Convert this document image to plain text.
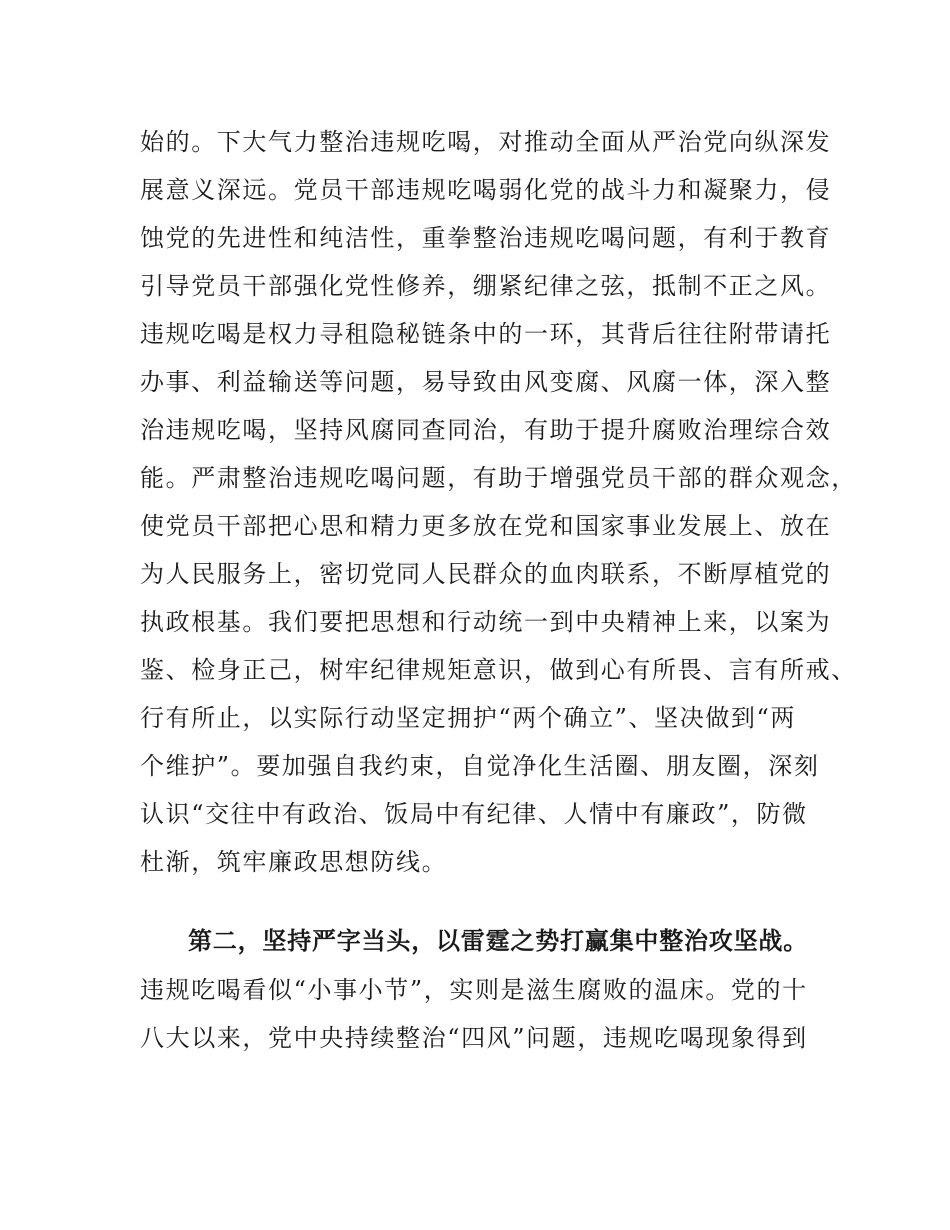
始的。下大气力整治违规吃喝，对推动全面从严治党向纵深发

展意义深远。党员干部违规吃喝弱化党的战斗力和凝聚力，侵

蚀党的先进性和纯洁性，重拳整治违规吃喝问题，有利于教育

引导党员干部强化党性修养，绷紧纪律之弦，抵制不正之风。

违规吃喝是权力寻租隐秘链条中的一环，其背后往往附带请托

办事、利益输送等问题，易导致由风变腐、风腐一体，深入整

治违规吃喝，坚持风腐同查同治，有助于提升腐败治理综合效

能。严肃整治违规吃喝问题，有助于增强党员干部的群众观念，

使党员干部把心思和精力更多放在党和国家事业发展上、放在

为人民服务上，密切党同人民群众的血肉联系，不断厚植党的

执政根基。我们要把思想和行动统一到中央精神上来，以案为

鉴、检身正己，树牢纪律规矩意识，做到心有所畏、言有所戒、

行有所止，以实际行动坚定拥护“两个确立”、坚决做到“两

个维护”。要加强自我约束，自觉净化生活圈、朋友圈，深刻

认识“交往中有政治、饭局中有纪律、人情中有廉政”，防微

杜渐，筑牢廉政思想防线。

第二，坚持严字当头，以雷霆之势打赢集中整治攻坚战。

违规吃喝看似“小事小节”，实则是滋生腐败的温床。党的十

八大以来，党中央持续整治“四风”问题，违规吃喝现象得到
